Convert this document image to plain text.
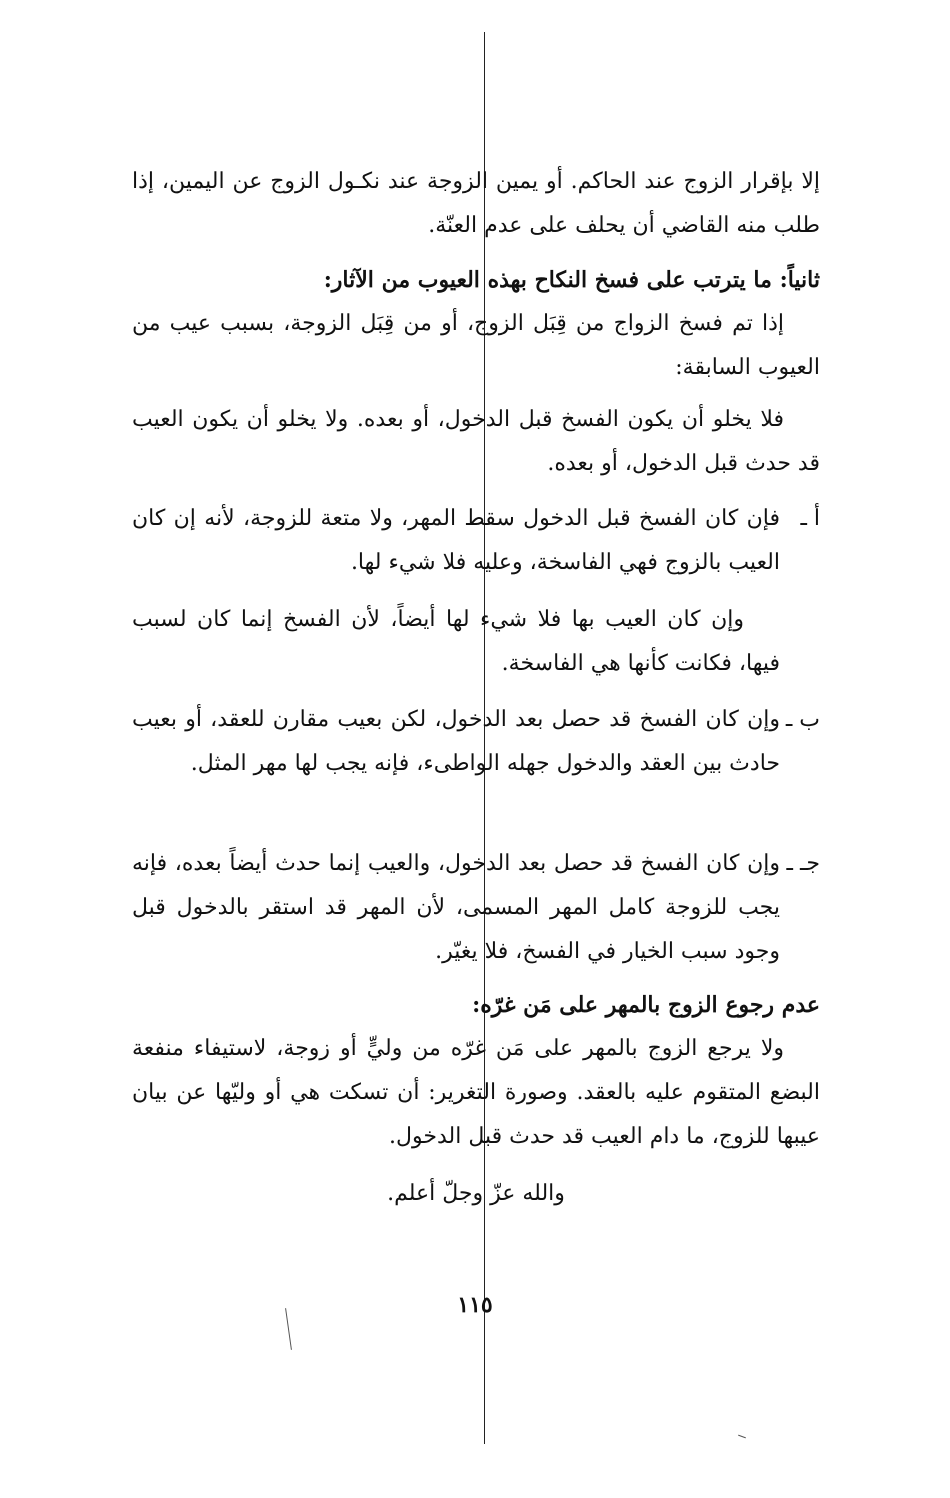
إلا بإقرار الزوج عند الحاكم. أو يمين الزوجة عند نكـول الزوج عن اليمين، إذا طلب منه القاضي أن يحلف على عدم العنّة.

ثانياً: ما يترتب على فسخ النكاح بهذه العيوب من الآثار:

إذا تم فسخ الزواج من قِبَل الزوج، أو من قِبَل الزوجة، بسبب عيب من العيوب السابقة:

فلا يخلو أن يكون الفسخ قبل الدخول، أو بعده. ولا يخلو أن يكون العيب قد حدث قبل الدخول، أو بعده.

أ ـ
فإن كان الفسخ قبل الدخول سقط المهر، ولا متعة للزوجة، لأنه إن كان العيب بالزوج فهي الفاسخة، وعليه فلا شيء لها.
وإن كان العيب بها فلا شيء لها أيضاً، لأن الفسخ إنما كان لسبب فيها، فكانت كأنها هي الفاسخة.
ب ـ
وإن كان الفسخ قد حصل بعد الدخول، لكن بعيب مقارن للعقد، أو بعيب حادث بين العقد والدخول جهله الواطىء، فإنه يجب لها مهر المثل.
جـ ـ
وإن كان الفسخ قد حصل بعد الدخول، والعيب إنما حدث أيضاً بعده، فإنه يجب للزوجة كامل المهر المسمى، لأن المهر قد استقر بالدخول قبل وجود سبب الخيار في الفسخ، فلا يغيّر.

عدم رجوع الزوج بالمهر على مَن غرّه:

ولا يرجع الزوج بالمهر على مَن غرّه من وليٍّ أو زوجة، لاستيفاء منفعة البضع المتقوم عليه بالعقد. وصورة التغرير: أن تسكت هي أو وليّها عن بيان عيبها للزوج، ما دام العيب قد حدث قبل الدخول.

والله عزّ وجلّ أعلم.
١١٥
